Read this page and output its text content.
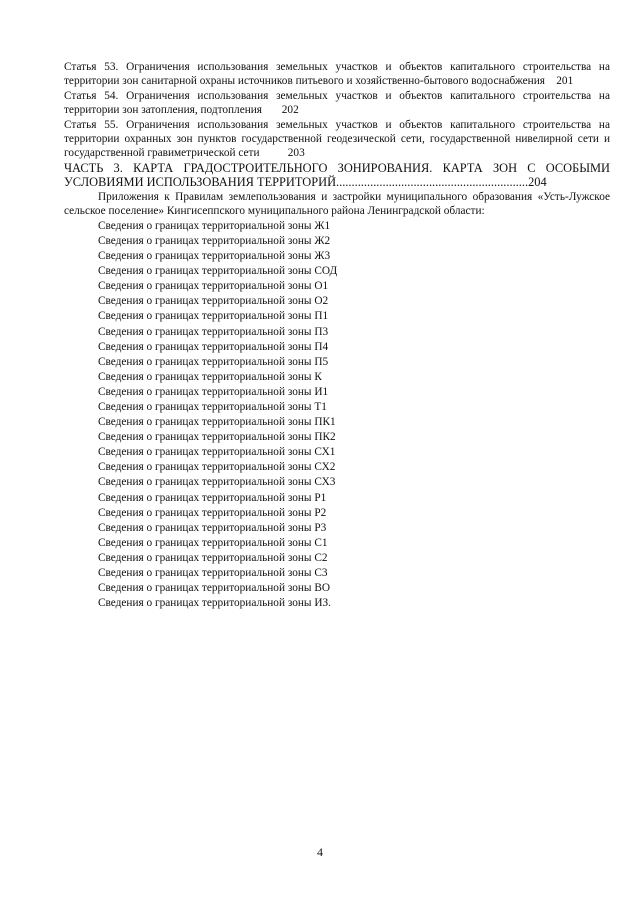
Статья 53. Ограничения использования земельных участков и объектов капитального строительства на территории зон санитарной охраны источников питьевого и хозяйственно-бытового водоснабжения 201

Статья 54. Ограничения использования земельных участков и объектов капитального строительства на территории зон затопления, подтопления 202

Статья 55. Ограничения использования земельных участков и объектов капитального строительства на территории охранных зон пунктов государственной геодезической сети, государственной нивелирной сети и государственной гравиметрической сети	203

ЧАСТЬ 3. КАРТА ГРАДОСТРОИТЕЛЬНОГО ЗОНИРОВАНИЯ. КАРТА ЗОН С ОСОБЫМИ УСЛОВИЯМИ ИСПОЛЬЗОВАНИЯ ТЕРРИТОРИЙ..............................................................204

Приложения к Правилам землепользования и застройки муниципального образования «Усть-Лужское сельское поселение» Кингисеппского муниципального района Ленинградской области:

Сведения о границах территориальной зоны Ж1
Сведения о границах территориальной зоны Ж2
Сведения о границах территориальной зоны Ж3
Сведения о границах территориальной зоны СОД
Сведения о границах территориальной зоны О1
Сведения о границах территориальной зоны О2
Сведения о границах территориальной зоны П1
Сведения о границах территориальной зоны П3
Сведения о границах территориальной зоны П4
Сведения о границах территориальной зоны П5
Сведения о границах территориальной зоны К
Сведения о границах территориальной зоны И1
Сведения о границах территориальной зоны Т1
Сведения о границах территориальной зоны ПК1
Сведения о границах территориальной зоны ПК2
Сведения о границах территориальной зоны СХ1
Сведения о границах территориальной зоны СХ2
Сведения о границах территориальной зоны СХ3
Сведения о границах территориальной зоны Р1
Сведения о границах территориальной зоны Р2
Сведения о границах территориальной зоны Р3
Сведения о границах территориальной зоны С1
Сведения о границах территориальной зоны С2
Сведения о границах территориальной зоны С3
Сведения о границах территориальной зоны ВО
Сведения о границах территориальной зоны ИЗ.
4
